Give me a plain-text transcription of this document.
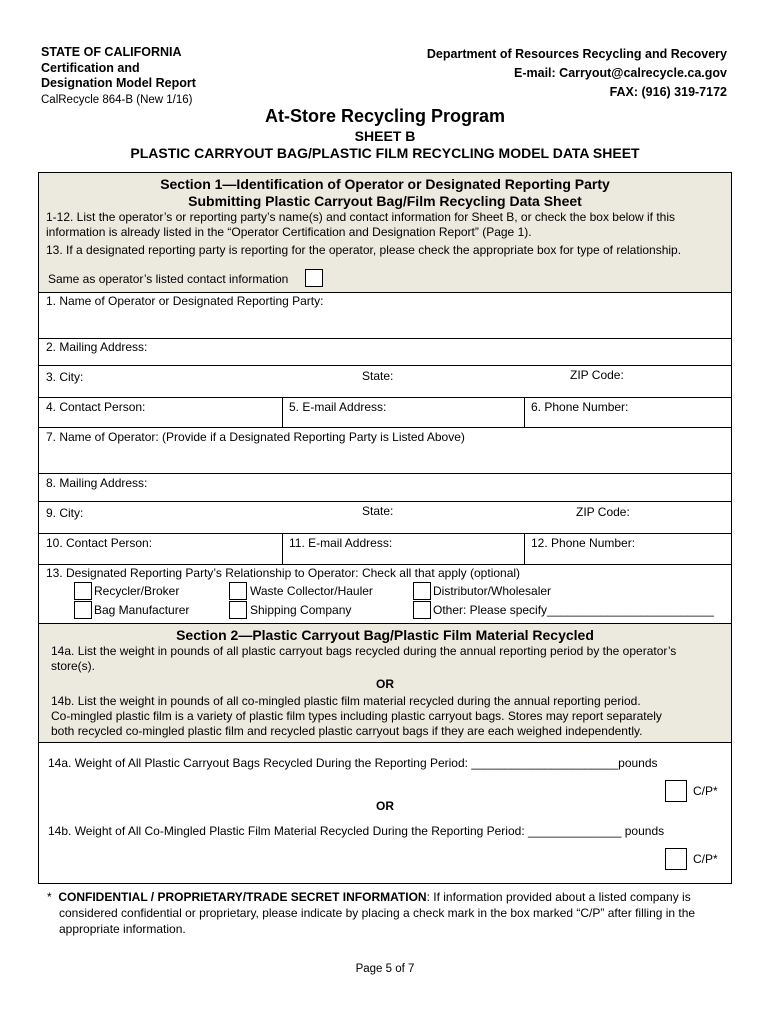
STATE OF CALIFORNIA
Certification and
Designation Model Report
CalRecycle 864-B (New 1/16)
Department of Resources Recycling and Recovery
E-mail: Carryout@calrecycle.ca.gov
FAX: (916) 319-7172
At-Store Recycling Program
SHEET B
PLASTIC CARRYOUT BAG/PLASTIC FILM RECYCLING MODEL DATA SHEET
Section 1—Identification of Operator or Designated Reporting Party
Submitting Plastic Carryout Bag/Film Recycling Data Sheet
1-12. List the operator’s or reporting party’s name(s) and contact information for Sheet B, or check the box below if this
information is already listed in the “Operator Certification and Designation Report” (Page 1).
13. If a designated reporting party is reporting for the operator, please check the appropriate box for type of relationship.
Same as operator’s listed contact information
1. Name of Operator or Designated Reporting Party:
2. Mailing Address:
3. City:	State:	ZIP Code:
4. Contact Person:	5. E-mail Address:	6. Phone Number:
7. Name of Operator: (Provide if a Designated Reporting Party is Listed Above)
8. Mailing Address:
9. City:	State:	ZIP Code:
10. Contact Person:	11. E-mail Address:	12. Phone Number:
13. Designated Reporting Party’s Relationship to Operator: Check all that apply (optional)
Recycler/Broker	Waste Collector/Hauler	Distributor/Wholesaler
Bag Manufacturer	Shipping Company	Other: Please specify_________________________
Section 2—Plastic Carryout Bag/Plastic Film Material Recycled
14a. List the weight in pounds of all plastic carryout bags recycled during the annual reporting period by the operator’s
store(s).
OR
14b. List the weight in pounds of all co-mingled plastic film material recycled during the annual reporting period.
Co-mingled plastic film is a variety of plastic film types including plastic carryout bags. Stores may report separately
both recycled co-mingled plastic film and recycled plastic carryout bags if they are each weighed independently.
14a. Weight of All Plastic Carryout Bags Recycled During the Reporting Period: ______________________pounds
C/P*
OR
14b. Weight of All Co-Mingled Plastic Film Material Recycled During the Reporting Period: ______________ pounds
C/P*
* CONFIDENTIAL / PROPRIETARY/TRADE SECRET INFORMATION: If information provided about a listed company is
considered confidential or proprietary, please indicate by placing a check mark in the box marked “C/P” after filling in the
appropriate information.
Page 5 of 7
